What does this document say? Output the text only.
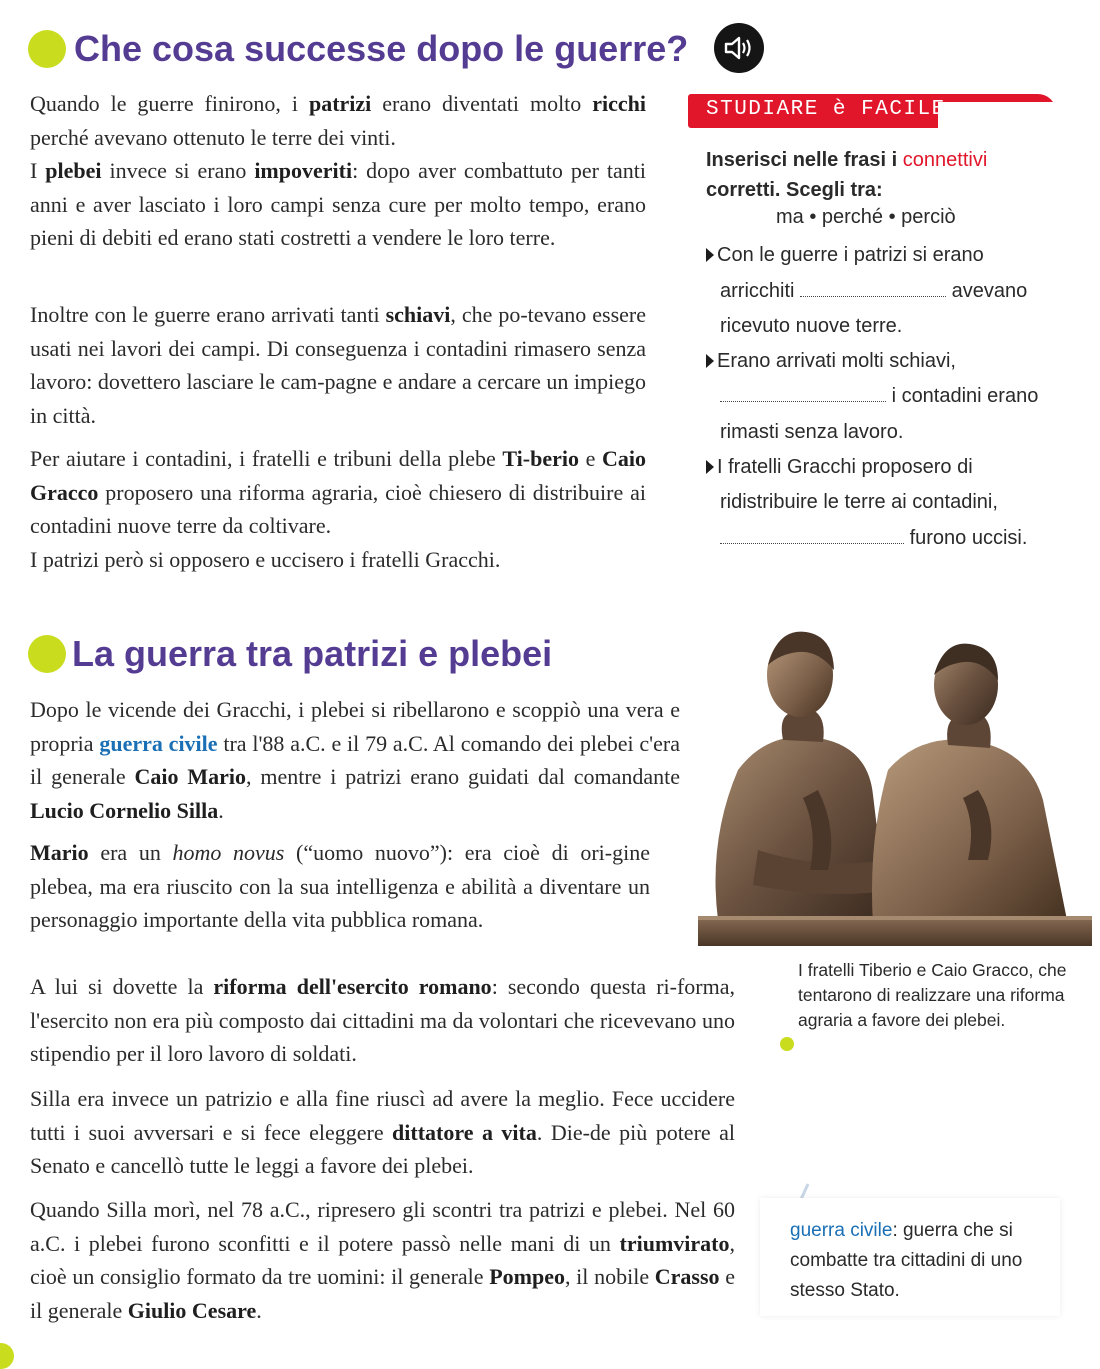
Che cosa successe dopo le guerre?

Quando le guerre finirono, i patrizi erano diventati molto ricchi perché avevano ottenuto le terre dei vinti.

I plebei invece si erano impoveriti: dopo aver combattuto per tanti anni e aver lasciato i loro campi senza cure per molto tempo, erano pieni di debiti ed erano stati costretti a vendere le loro terre.

Inoltre con le guerre erano arrivati tanti schiavi, che po-tevano essere usati nei lavori dei campi. Di conseguenza i contadini rimasero senza lavoro: dovettero lasciare le cam-pagne e andare a cercare un impiego in città.

Per aiutare i contadini, i fratelli e tribuni della plebe Ti-berio e Caio Gracco proposero una riforma agraria, cioè chiesero di distribuire ai contadini nuove terre da coltivare.

I patrizi però si opposero e uccisero i fratelli Gracchi.

STUDIARE è FACILE
Inserisci nelle frasi i connettivi
corretti. Scegli tra:
ma • perché • perciò
Con le guerre i patrizi si erano
arricchiti	avevano
ricevuto nuove terre.
Erano arrivati molti schiavi,
i contadini erano
rimasti senza lavoro.
I fratelli Gracchi proposero di
ridistribuire le terre ai contadini,
furono uccisi.
La guerra tra patrizi e plebei

Dopo le vicende dei Gracchi, i plebei si ribellarono e scoppiò una vera e propria guerra civile tra l'88 a.C. e il 79 a.C. Al comando dei plebei c'era il generale Caio Mario, mentre i patrizi erano guidati dal comandante Lucio Cornelio Silla.

Mario era un homo novus (“uomo nuovo”): era cioè di ori-gine plebea, ma era riuscito con la sua intelligenza e abilità a diventare un personaggio importante della vita pubblica romana.

A lui si dovette la riforma dell'esercito romano: secondo questa ri-forma, l'esercito non era più composto dai cittadini ma da volontari che ricevevano uno stipendio per il loro lavoro di soldati.

Silla era invece un patrizio e alla fine riuscì ad avere la meglio. Fece uccidere tutti i suoi avversari e si fece eleggere dittatore a vita. Die-de più potere al Senato e cancellò tutte le leggi a favore dei plebei.

Quando Silla morì, nel 78 a.C., ripresero gli scontri tra patrizi e plebei. Nel 60 a.C. i plebei furono sconfitti e il potere passò nelle mani di un triumvirato, cioè un consiglio formato da tre uomini: il generale Pompeo, il nobile Crasso e il generale Giulio Cesare.

I fratelli Tiberio e Caio Gracco, che tentarono di realizzare una riforma agraria a favore dei plebei.
guerra civile: guerra che si combatte tra cittadini di uno stesso Stato.
